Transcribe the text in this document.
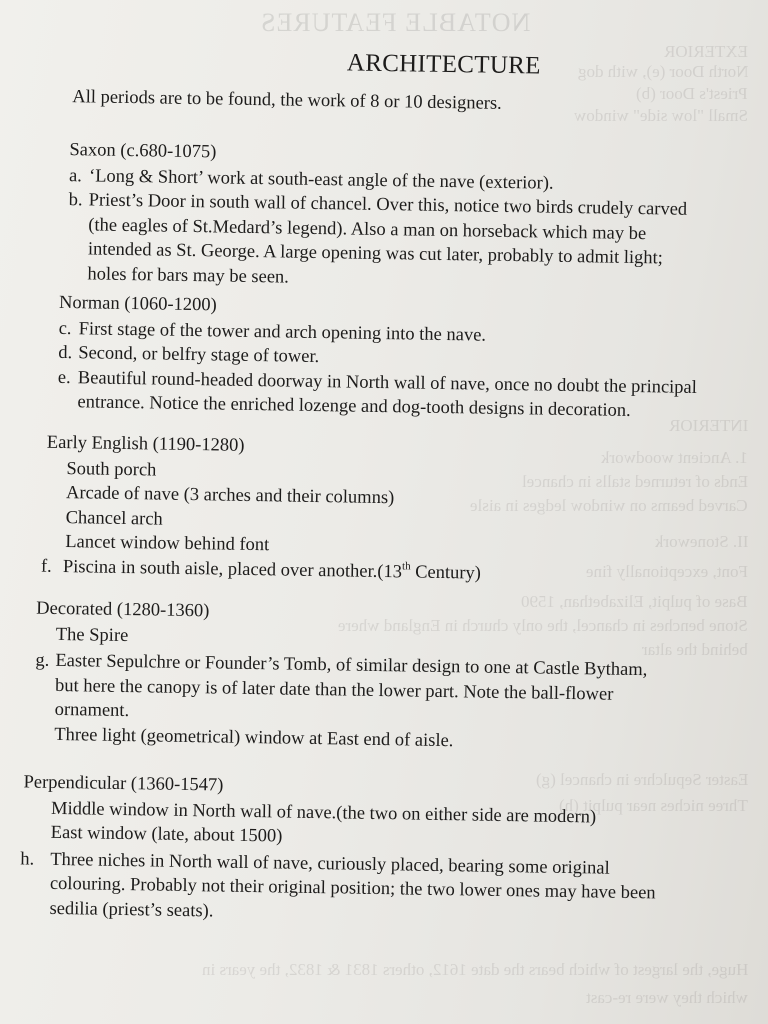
NOTABLE FEATURES
EXTERIOR
North Door (e), with dog
Priest's Door (b)
Small "low side" window
INTERIOR
1. Ancient woodwork
Ends of returned stalls in chancel
Carved beams on window ledges in aisle
II. Stonework
Font, exceptionally fine
Base of pulpit, Elizabethan, 1590
Stone benches in chancel, the only church in England where
behind the altar
Easter Sepulchre in chancel (g)
Three niches near pulpit (h)
Huge, the largest of which bears the date 1612, others 1831 & 1832, the years in
which they were re-cast
ARCHITECTURE
All periods are to be found, the work of 8 or 10 designers.
Saxon (c.680-1075)
a. ‘Long & Short’ work at south-east angle of the nave (exterior).
b. Priest’s Door in south wall of chancel. Over this, notice two birds crudely carved
(the eagles of St.Medard’s legend). Also a man on horseback which may be
intended as St. George. A large opening was cut later, probably to admit light;
holes for bars may be seen.
Norman (1060-1200)
c. First stage of the tower and arch opening into the nave.
d. Second, or belfry stage of tower.
e. Beautiful round-headed doorway in North wall of nave, once no doubt the principal
entrance. Notice the enriched lozenge and dog-tooth designs in decoration.
Early English (1190-1280)
South porch
Arcade of nave (3 arches and their columns)
Chancel arch
Lancet window behind font
f. Piscina in south aisle, placed over another.(13th Century)
Decorated (1280-1360)
The Spire
g. Easter Sepulchre or Founder’s Tomb, of similar design to one at Castle Bytham,
but here the canopy is of later date than the lower part. Note the ball-flower
ornament.
Three light (geometrical) window at East end of aisle.
Perpendicular (1360-1547)
Middle window in North wall of nave.(the two on either side are modern)
East window (late, about 1500)
h. Three niches in North wall of nave, curiously placed, bearing some original
colouring. Probably not their original position; the two lower ones may have been
sedilia (priest’s seats).
